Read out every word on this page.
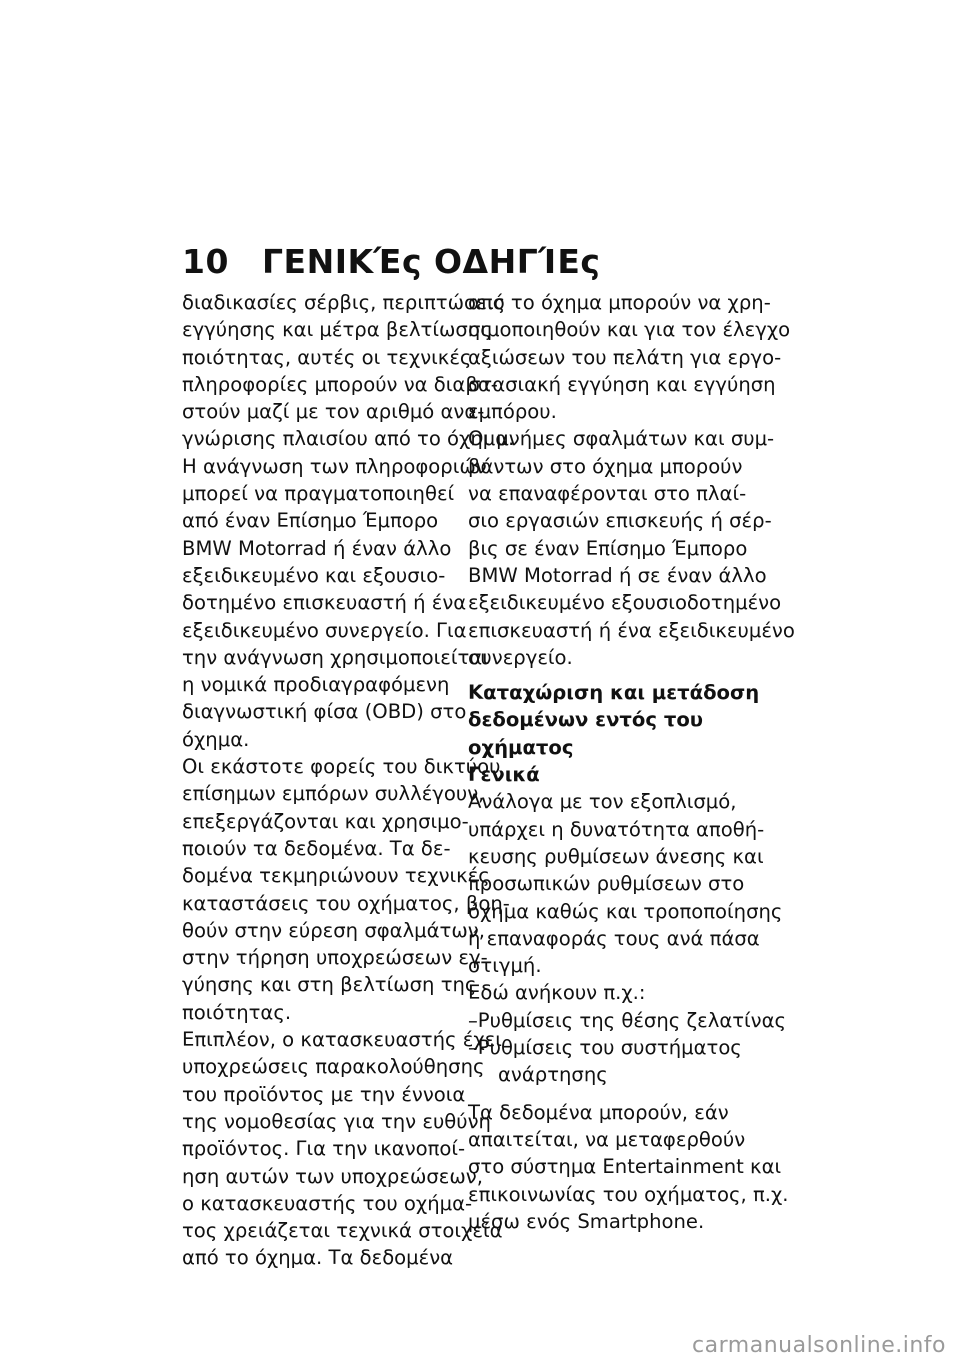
10 ΓΕΝΙΚΈς ΟΔΗΓΊΕς
διαδικασίες σέρβις, περιπτώσεις
εγγύησης και μέτρα βελτίωσης
ποιότητας, αυτές οι τεχνικές
πληροφορίες μπορούν να διαβα-
στούν μαζί με τον αριθμό ανα-
γνώρισης πλαισίου από το όχημα.
Η ανάγνωση των πληροφοριών
μπορεί να πραγματοποιηθεί
από έναν Επίσημο Έμπορο
BMW Motorrad ή έναν άλλο
εξειδικευμένο και εξουσιο-
δοτημένο επισκευαστή ή ένα
εξειδικευμένο συνεργείο. Για
την ανάγνωση χρησιμοποιείται
η νομικά προδιαγραφόμενη
διαγνωστική φίσα (OBD) στο
όχημα.
Οι εκάστοτε φορείς του δικτύου
επίσημων εμπόρων συλλέγουν,
επεξεργάζονται και χρησιμο-
ποιούν τα δεδομένα. Τα δε-
δομένα τεκμηριώνουν τεχνικές
καταστάσεις του οχήματος, βοη-
θούν στην εύρεση σφαλμάτων,
στην τήρηση υποχρεώσεων εγ-
γύησης και στη βελτίωση της
ποιότητας.
Επιπλέον, ο κατασκευαστής έχει
υποχρεώσεις παρακολούθησης
του προϊόντος με την έννοια
της νομοθεσίας για την ευθύνη
προϊόντος. Για την ικανοποί-
ηση αυτών των υποχρεώσεων,
ο κατασκευαστής του οχήμα-
τος χρειάζεται τεχνικά στοιχεία
από το όχημα. Τα δεδομένα
από το όχημα μπορούν να χρη-
σιμοποιηθούν και για τον έλεγχο
αξιώσεων του πελάτη για εργο-
στασιακή εγγύηση και εγγύηση
εμπόρου.
Οι μνήμες σφαλμάτων και συμ-
βάντων στο όχημα μπορούν
να επαναφέρονται στο πλαί-
σιο εργασιών επισκευής ή σέρ-
βις σε έναν Επίσημο Έμπορο
BMW Motorrad ή σε έναν άλλο
εξειδικευμένο εξουσιοδοτημένο
επισκευαστή ή ένα εξειδικευμένο
συνεργείο.
Καταχώριση και μετάδοση
δεδομένων εντός του
οχήματος
Γενικά
Ανάλογα με τον εξοπλισμό,
υπάρχει η δυνατότητα αποθή-
κευσης ρυθμίσεων άνεσης και
προσωπικών ρυθμίσεων στο
όχημα καθώς και τροποποίησης
ή επαναφοράς τους ανά πάσα
στιγμή.
Εδώ ανήκουν π.χ.:
–Ρυθμίσεις της θέσης ζελατίνας
–Ρυθμίσεις του συστήματος
ανάρτησης
Τα δεδομένα μπορούν, εάν
απαιτείται, να μεταφερθούν
στο σύστημα Entertainment και
επικοινωνίας του οχήματος, π.χ.
μέσω ενός Smartphone.
carmanualsonline.info
